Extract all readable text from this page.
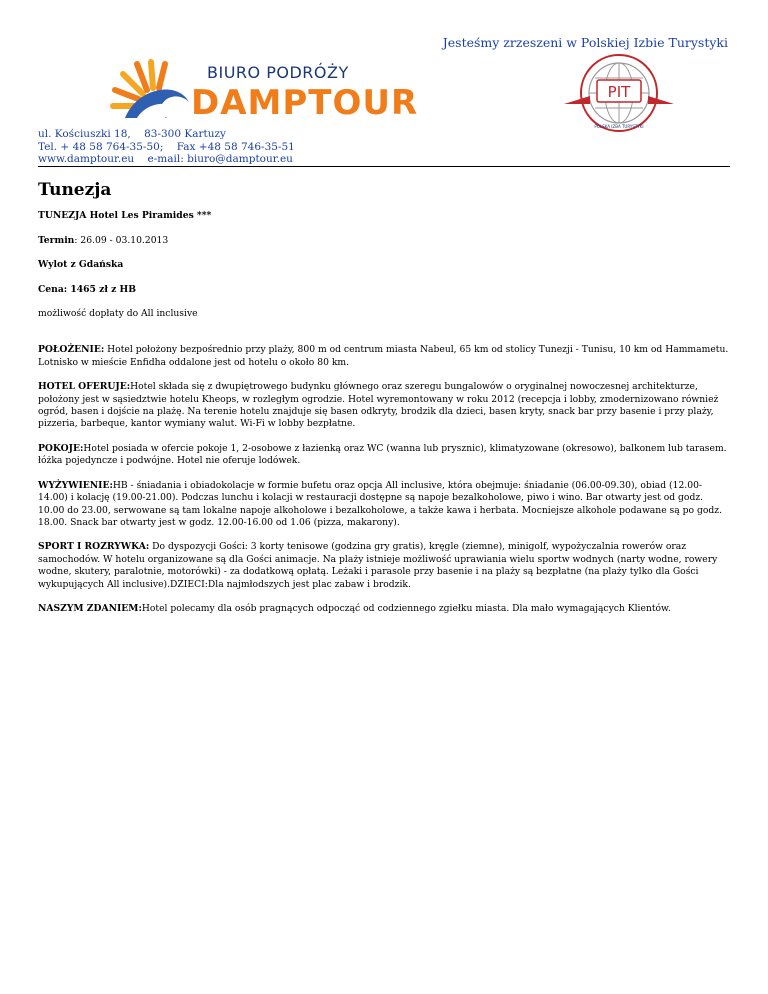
Jesteśmy zrzeszeni w Polskiej Izbie Turystyki
BIURO PODRÓŻY
DAMPTOUR	PIT
POLSKA IZBA TURYSTYKI
ul. Kościuszki 18,    83-300 Kartuzy
Tel. + 48 58 764-35-50;    Fax +48 58 746-35-51
www.damptour.eu    e-mail: biuro@damptour.eu
Tunezja
TUNEZJA Hotel Les Piramides ***
Termin: 26.09 - 03.10.2013
Wylot z Gdańska
Cena: 1465 zł z HB
możliwość dopłaty do All inclusive
POŁOŻENIE: Hotel położony bezpośrednio przy plaży, 800 m od centrum miasta Nabeul, 65 km od stolicy Tunezji - Tunisu, 10 km od Hammametu. Lotnisko w mieście Enfidha oddalone jest od hotelu o około 80 km.
HOTEL OFERUJE:Hotel składa się z dwupiętrowego budynku głównego oraz szeregu bungalowów o oryginalnej nowoczesnej architekturze, położony jest w sąsiedztwie hotelu Kheops, w rozległym ogrodzie. Hotel wyremontowany w roku 2012 (recepcja i lobby, zmodernizowano również ogród, basen i dojście na plażę. Na terenie hotelu znajduje się basen odkryty, brodzik dla dzieci, basen kryty, snack bar przy basenie i przy plaży, pizzeria, barbeque, kantor wymiany walut. Wi-Fi w lobby bezpłatne.
POKOJE:Hotel posiada w ofercie pokoje 1, 2-osobowe z łazienką oraz WC (wanna lub prysznic), klimatyzowane (okresowo), balkonem lub tarasem. łóżka pojedyncze i podwójne. Hotel nie oferuje lodówek.
WYŻYWIENIE:HB - śniadania i obiadokolacje w formie bufetu oraz opcja All inclusive, która obejmuje: śniadanie (06.00-09.30), obiad (12.00-14.00) i kolację (19.00-21.00). Podczas lunchu i kolacji w restauracji dostępne są napoje bezalkoholowe, piwo i wino. Bar otwarty jest od godz. 10.00 do 23.00, serwowane są tam lokalne napoje alkoholowe i bezalkoholowe, a także kawa i herbata. Mocniejsze alkohole podawane są po godz. 18.00. Snack bar otwarty jest w godz. 12.00-16.00 od 1.06 (pizza, makarony).
SPORT I ROZRYWKA: Do dyspozycji Gości: 3 korty tenisowe (godzina gry gratis), kręgle (ziemne), minigolf, wypożyczalnia rowerów oraz samochodów. W hotelu organizowane są dla Gości animacje. Na plaży istnieje możliwość uprawiania wielu sportw wodnych (narty wodne, rowery wodne, skutery, paralotnie, motorówki) - za dodatkową opłatą. Leżaki i parasole przy basenie i na plaży są bezpłatne (na plaży tylko dla Gości wykupujących All inclusive).DZIECI:Dla najmłodszych jest plac zabaw i brodzik.
NASZYM ZDANIEM:Hotel polecamy dla osób pragnących odpocząć od codziennego zgiełku miasta. Dla mało wymagających Klientów.
